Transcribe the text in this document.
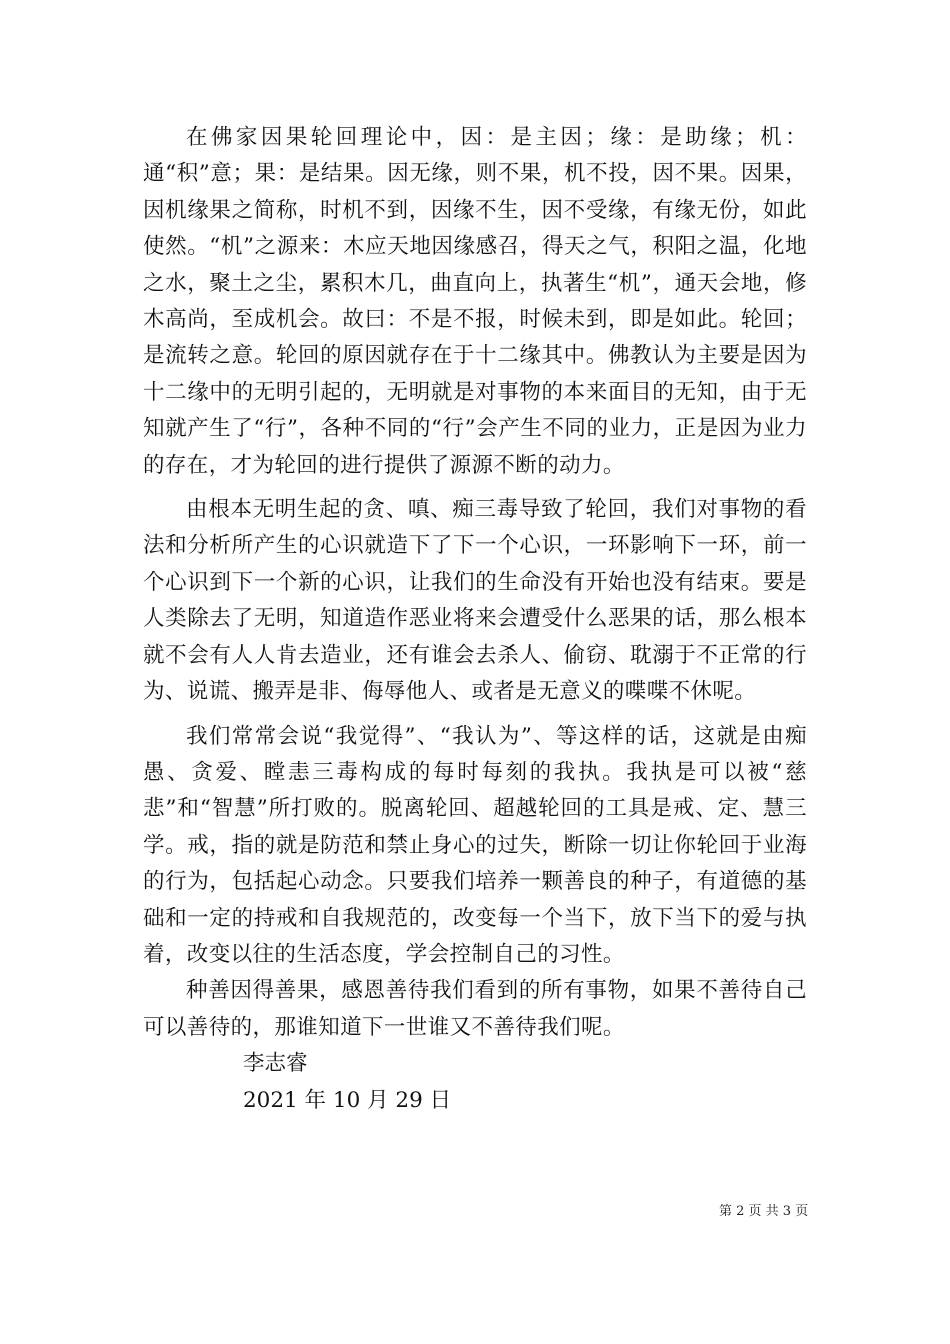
在佛家因果轮回理论中，因：是主因；缘：是助缘；机：通“积”意；果：是结果。因无缘，则不果，机不投，因不果。因果，因机缘果之简称，时机不到，因缘不生，因不受缘，有缘无份，如此使然。“机”之源来：木应天地因缘感召，得天之气，积阳之温，化地之水，聚土之尘，累积木几，曲直向上，执著生“机”，通天会地，修木高尚，至成机会。故曰：不是不报，时候未到，即是如此。轮回；是流转之意。轮回的原因就存在于十二缘其中。佛教认为主要是因为十二缘中的无明引起的，无明就是对事物的本来面目的无知，由于无知就产生了“行”，各种不同的“行”会产生不同的业力，正是因为业力的存在，才为轮回的进行提供了源源不断的动力。

由根本无明生起的贪、嗔、痴三毒导致了轮回，我们对事物的看法和分析所产生的心识就造下了下一个心识，一环影响下一环，前一个心识到下一个新的心识，让我们的生命没有开始也没有结束。要是人类除去了无明，知道造作恶业将来会遭受什么恶果的话，那么根本就不会有人人肯去造业，还有谁会去杀人、偷窃、耽溺于不正常的行为、说谎、搬弄是非、侮辱他人、或者是无意义的喋喋不休呢。

我们常常会说“我觉得”、“我认为”、等这样的话，这就是由痴愚、贪爱、瞠恚三毒构成的每时每刻的我执。我执是可以被“慈悲”和“智慧”所打败的。脱离轮回、超越轮回的工具是戒、定、慧三学。戒，指的就是防范和禁止身心的过失，断除一切让你轮回于业海的行为，包括起心动念。只要我们培养一颗善良的种子，有道德的基础和一定的持戒和自我规范的，改变每一个当下，放下当下的爱与执着，改变以往的生活态度，学会控制自己的习性。

种善因得善果，感恩善待我们看到的所有事物，如果不善待自己可以善待的，那谁知道下一世谁又不善待我们呢。

李志睿

2021 年 10 月 29 日

第 2 页 共 3 页
